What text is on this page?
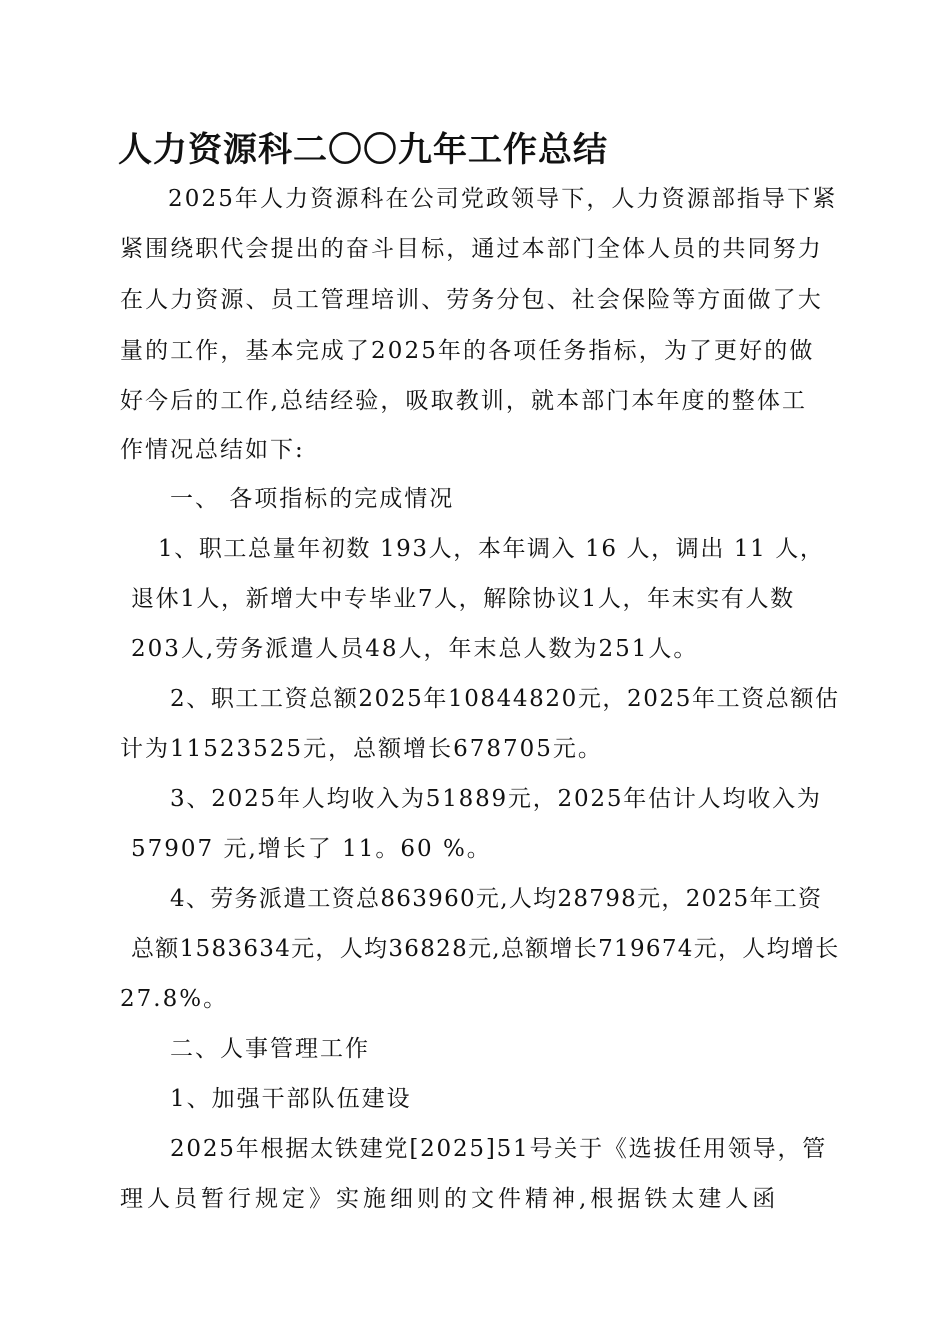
人力资源科二〇〇九年工作总结

2025年人力资源科在公司党政领导下，人力资源部指导下紧

紧围绕职代会提出的奋斗目标，通过本部门全体人员的共同努力

在人力资源、员工管理培训、劳务分包、社会保险等方面做了大

量的工作，基本完成了2025年的各项任务指标，为了更好的做

好今后的工作,总结经验，吸取教训，就本部门本年度的整体工

作情况总结如下:

一、 各项指标的完成情况

1、职工总量年初数 193人，本年调入 16 人，调出 11 人，

退休1人，新增大中专毕业7人，解除协议1人，年末实有人数

203人,劳务派遣人员48人，年末总人数为251人。

2、职工工资总额2025年10844820元，2025年工资总额估

计为11523525元，总额增长678705元。

3、2025年人均收入为51889元，2025年估计人均收入为

57907 元,增长了 11。60 %。

4、劳务派遣工资总863960元,人均28798元，2025年工资

总额1583634元，人均36828元,总额增长719674元，人均增长

27.8%。

二、人事管理工作

1、加强干部队伍建设

2025年根据太铁建党[2025]51号关于《选拔任用领导，管

理人员暂行规定》实施细则的文件精神,根据铁太建人函
